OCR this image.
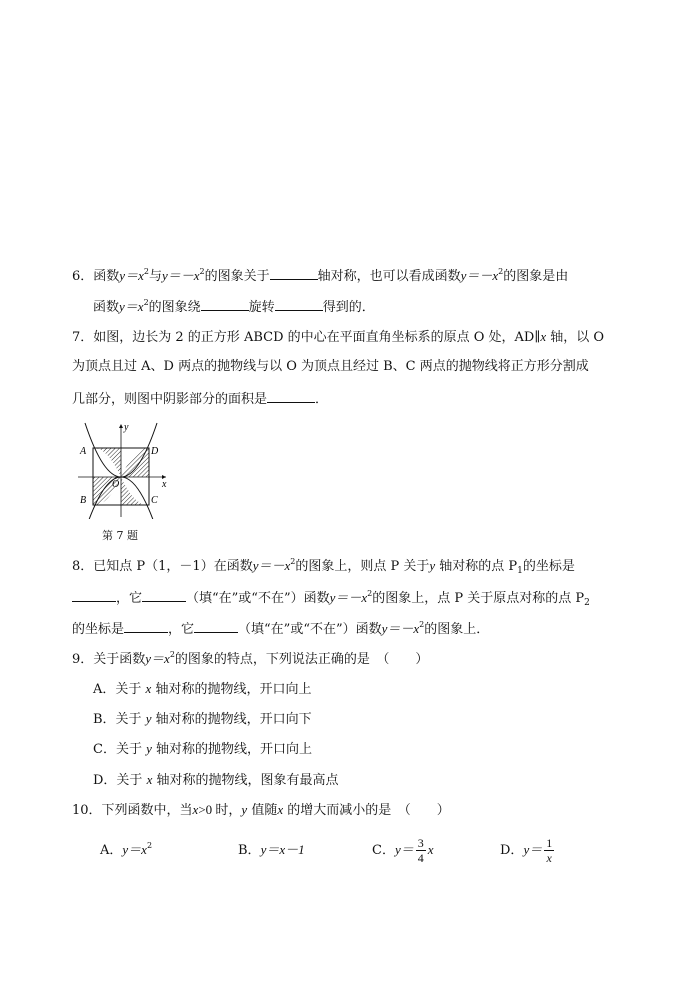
6．函数$y=x^2$与$y=-x^2$的图象关于	轴对称，也可以看成函数$y=-x^2$的图象是由
函数$y=x^2$的图象绕	旋转	得到的．
7．如图，边长为 2 的正方形 ABCD 的中心在平面直角坐标系的原点 O 处，AD∥x 轴，以 O
为顶点且过 A、D 两点的抛物线与以 O 为顶点且经过 B、C 两点的抛物线将正方形分割成
几部分，则图中阴影部分的面积是	．
y
x
A	D
B	C
O
第 7 题
8．已知点 P（1，－1）在函数$y=-x^2$的图象上，则点 P 关于y 轴对称的点 $P_1$的坐标是
，它	（填“在”或“不在”）函数$y=-x^2$的图象上，点 P 关于原点对称的点 $P_2$
的坐标是	，它	（填“在”或“不在”）函数$y=-x^2$的图象上．
9．关于函数$y=x^2$的图象的特点，下列说法正确的是　（　　）
A．关于 x 轴对称的抛物线，开口向上
B．关于 y 轴对称的抛物线，开口向下
C．关于 y 轴对称的抛物线，开口向上
D．关于 x 轴对称的抛物线，图象有最高点
10．下列函数中，当x>0 时，y 值随x 的增大而减小的是　（　　）
A．$y=x^2$	B．y＝x－1	C．$y= \frac{3}{4}$ x	D．$y= \frac{1}{x}$
